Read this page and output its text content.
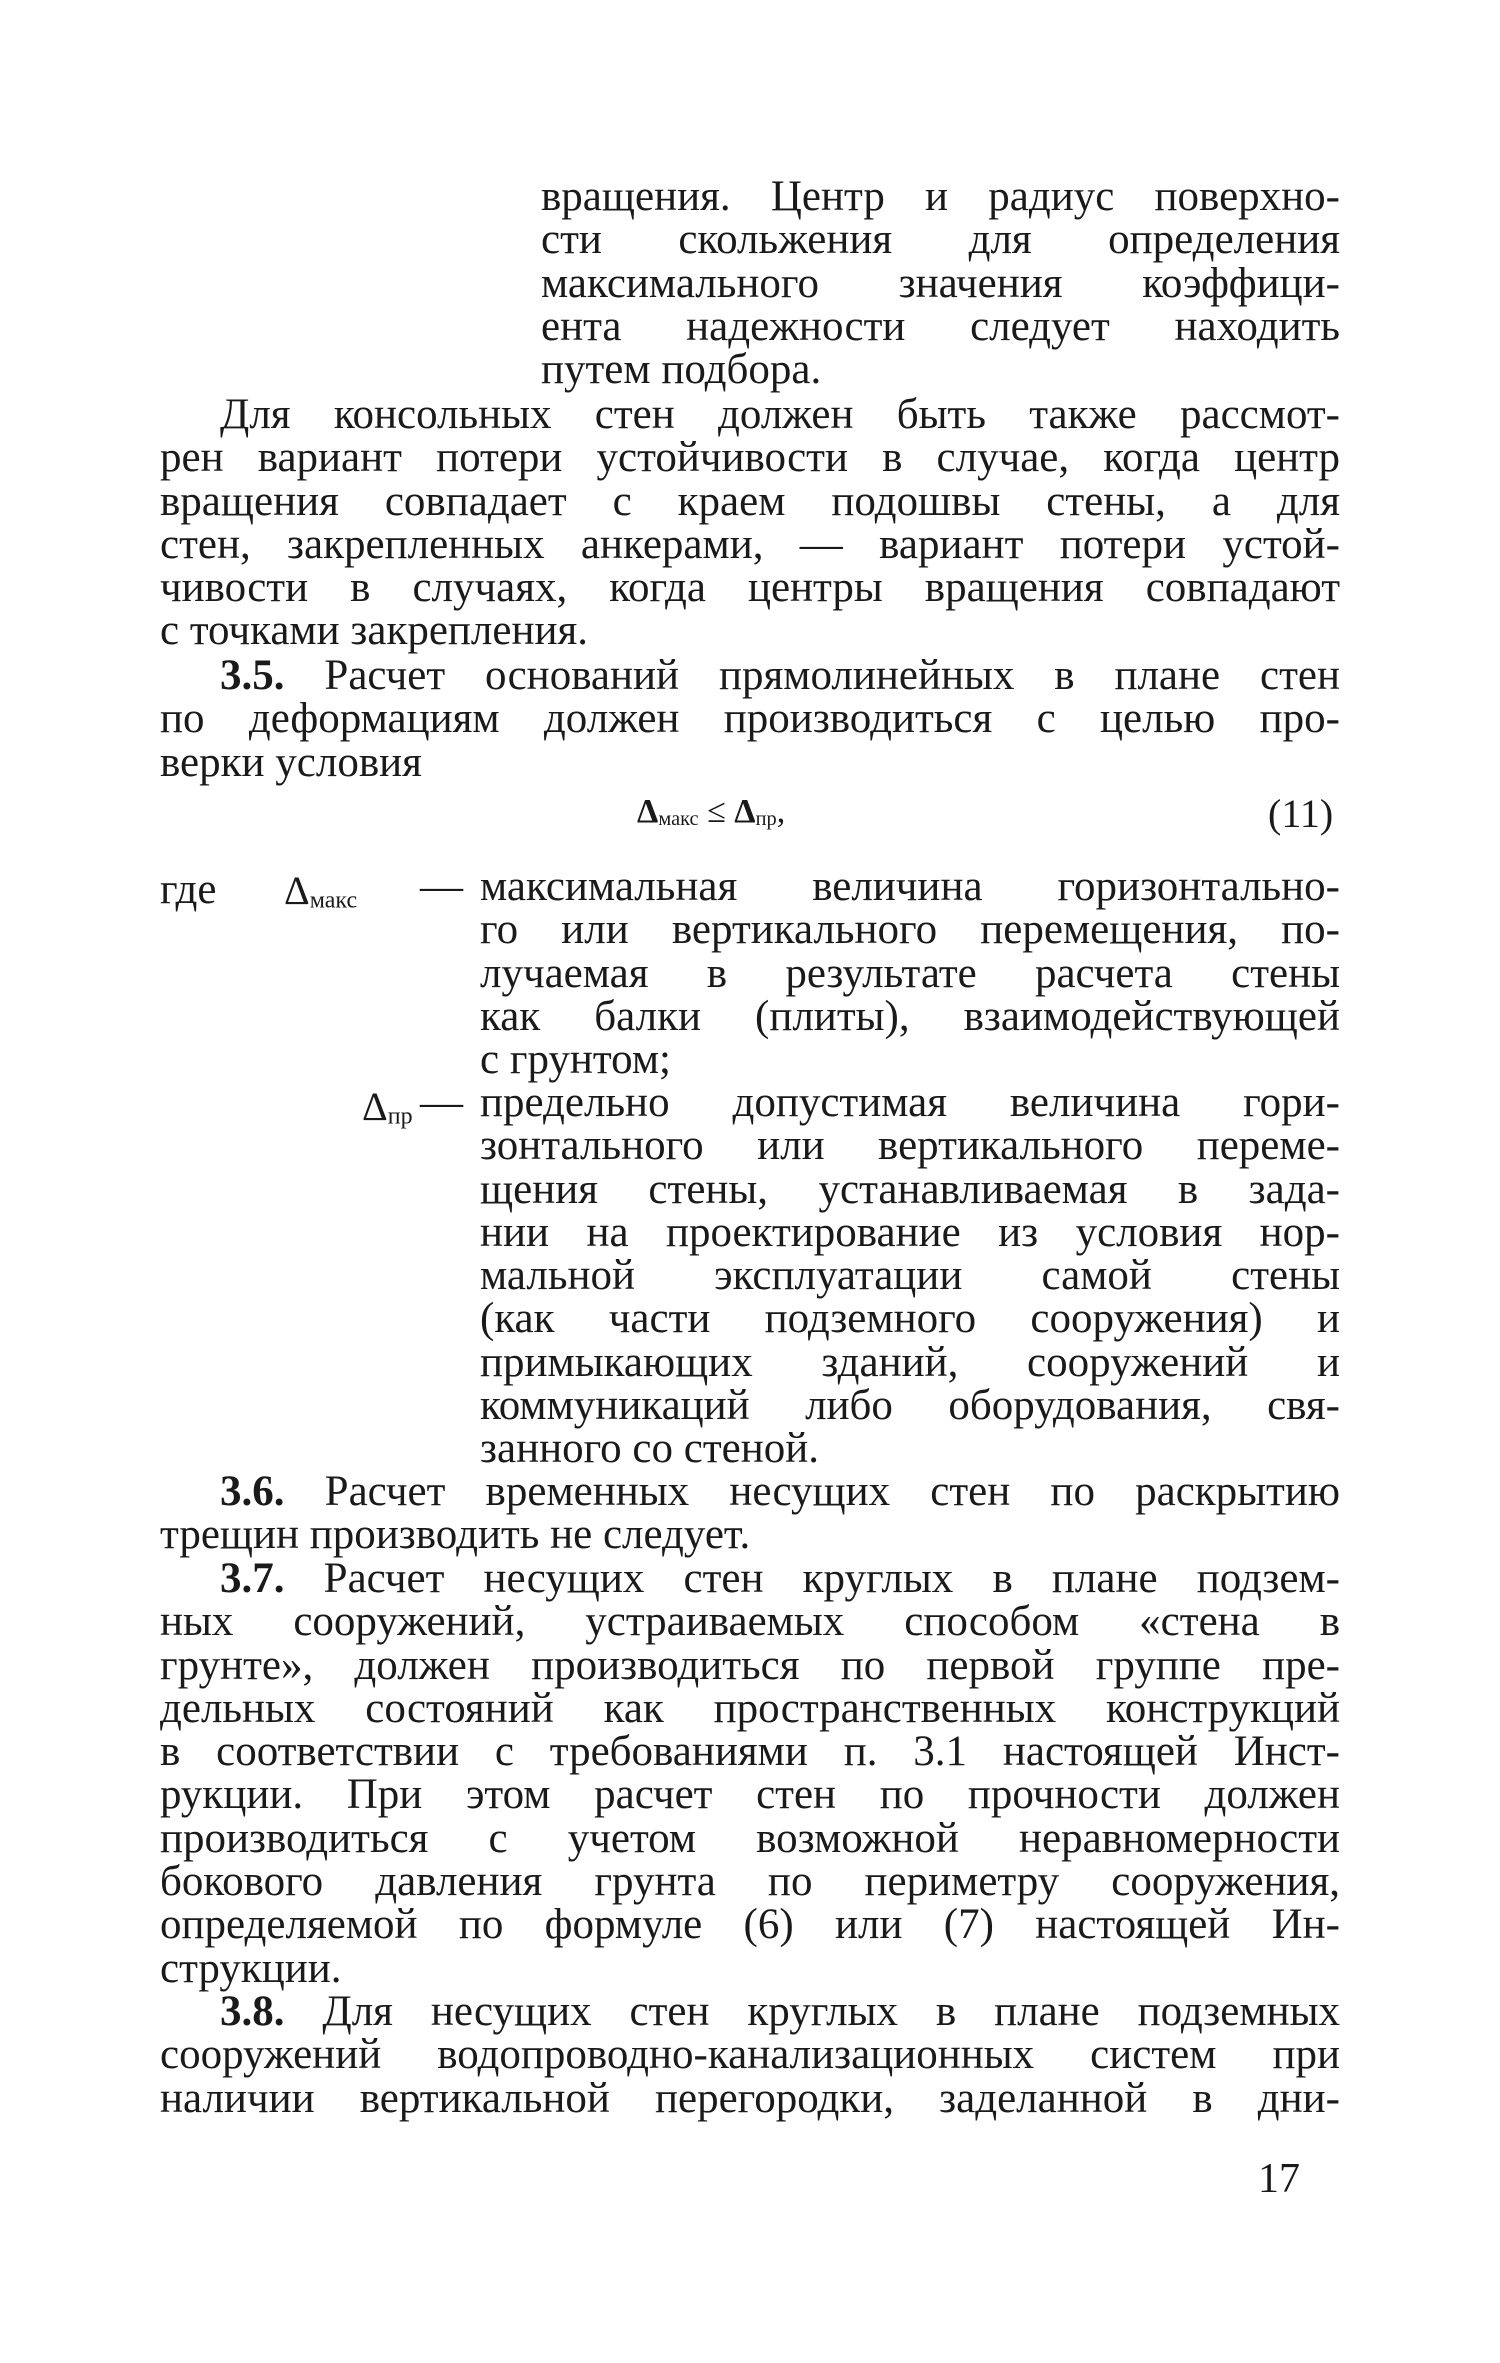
вращения. Центр и радиус поверхно-
сти скольжения для определения
максимального значения коэффици-
ента надежности следует находить
путем подбора.
Для консольных стен должен быть также рассмот-
рен вариант потери устойчивости в случае, когда центр
вращения совпадает с краем подошвы стены, а для
стен, закрепленных анкерами, — вариант потери устой-
чивости в случаях, когда центры вращения совпадают
с точками закрепления.
3.5. Расчет оснований прямолинейных в плане стен
по деформациям должен производиться с целью про-
верки условия
$\Delta_{макс} \le \Delta_{пр}$,	(11)
где $\Delta_{макс}$ — максимальная величина горизонтально-
го или вертикального перемещения, по-
лучаемая в результате расчета стены
как балки (плиты), взаимодействующей
с грунтом;
$\Delta_{пр}$ — предельно допустимая величина гори-
зонтального или вертикального переме-
щения стены, устанавливаемая в зада-
нии на проектирование из условия нор-
мальной эксплуатации самой стены
(как части подземного сооружения) и
примыкающих зданий, сооружений и
коммуникаций либо оборудования, свя-
занного со стеной.
3.6. Расчет временных несущих стен по раскрытию
трещин производить не следует.
3.7. Расчет несущих стен круглых в плане подзем-
ных сооружений, устраиваемых способом «стена в
грунте», должен производиться по первой группе пре-
дельных состояний как пространственных конструкций
в соответствии с требованиями п. 3.1 настоящей Инст-
рукции. При этом расчет стен по прочности должен
производиться с учетом возможной неравномерности
бокового давления грунта по периметру сооружения,
определяемой по формуле (6) или (7) настоящей Ин-
струкции.
3.8. Для несущих стен круглых в плане подземных
сооружений водопроводно-канализационных систем при
наличии вертикальной перегородки, заделанной в дни-
17
